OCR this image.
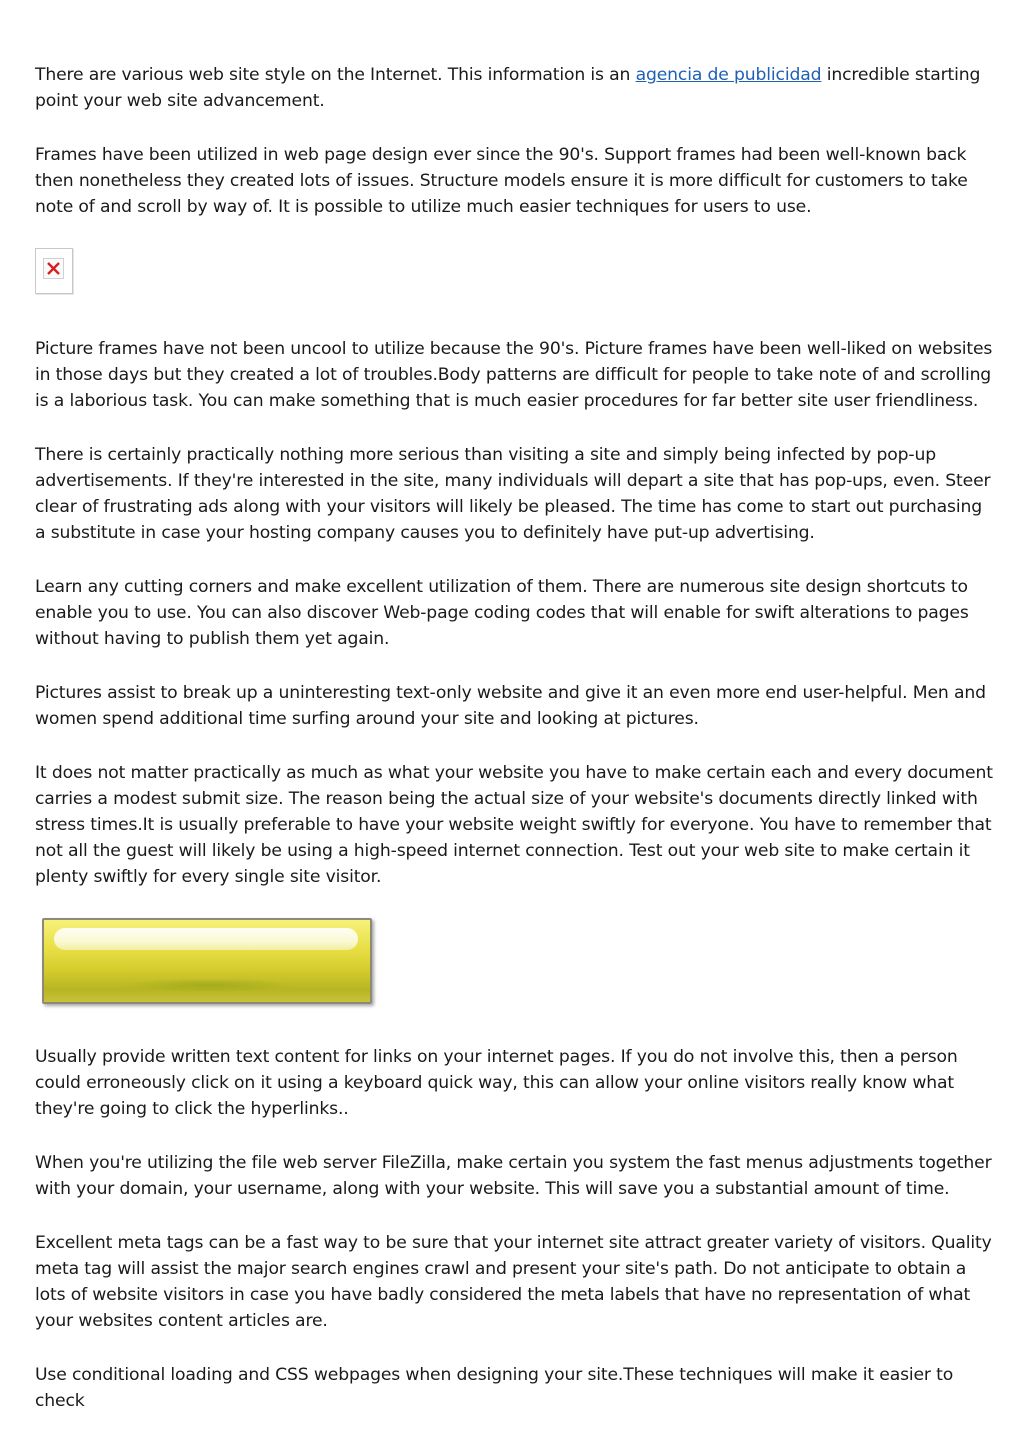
There are various web site style on the Internet. This information is an agencia de publicidad incredible starting point your web site advancement.

Frames have been utilized in web page design ever since the 90's. Support frames had been well-known back then nonetheless they created lots of issues. Structure models ensure it is more difficult for customers to take note of and scroll by way of. It is possible to utilize much easier techniques for users to use.

Picture frames have not been uncool to utilize because the 90's. Picture frames have been well-liked on websites in those days but they created a lot of troubles.Body patterns are difficult for people to take note of and scrolling is a laborious task. You can make something that is much easier procedures for far better site user friendliness.

There is certainly practically nothing more serious than visiting a site and simply being infected by pop-up advertisements. If they're interested in the site, many individuals will depart a site that has pop-ups, even. Steer clear of frustrating ads along with your visitors will likely be pleased. The time has come to start out purchasing a substitute in case your hosting company causes you to definitely have put-up advertising.

Learn any cutting corners and make excellent utilization of them. There are numerous site design shortcuts to enable you to use. You can also discover Web-page coding codes that will enable for swift alterations to pages without having to publish them yet again.

Pictures assist to break up a uninteresting text-only website and give it an even more end user-helpful. Men and women spend additional time surfing around your site and looking at pictures.

It does not matter practically as much as what your website you have to make certain each and every document carries a modest submit size. The reason being the actual size of your website's documents directly linked with stress times.It is usually preferable to have your website weight swiftly for everyone. You have to remember that not all the guest will likely be using a high-speed internet connection. Test out your web site to make certain it plenty swiftly for every single site visitor.

Usually provide written text content for links on your internet pages. If you do not involve this, then a person could erroneously click on it using a keyboard quick way, this can allow your online visitors really know what they're going to click the hyperlinks..

When you're utilizing the file web server FileZilla, make certain you system the fast menus adjustments together with your domain, your username, along with your website. This will save you a substantial amount of time.

Excellent meta tags can be a fast way to be sure that your internet site attract greater variety of visitors. Quality meta tag will assist the major search engines crawl and present your site's path. Do not anticipate to obtain a lots of website visitors in case you have badly considered the meta labels that have no representation of what your websites content articles are.

Use conditional loading and CSS webpages when designing your site.These techniques will make it easier to check
